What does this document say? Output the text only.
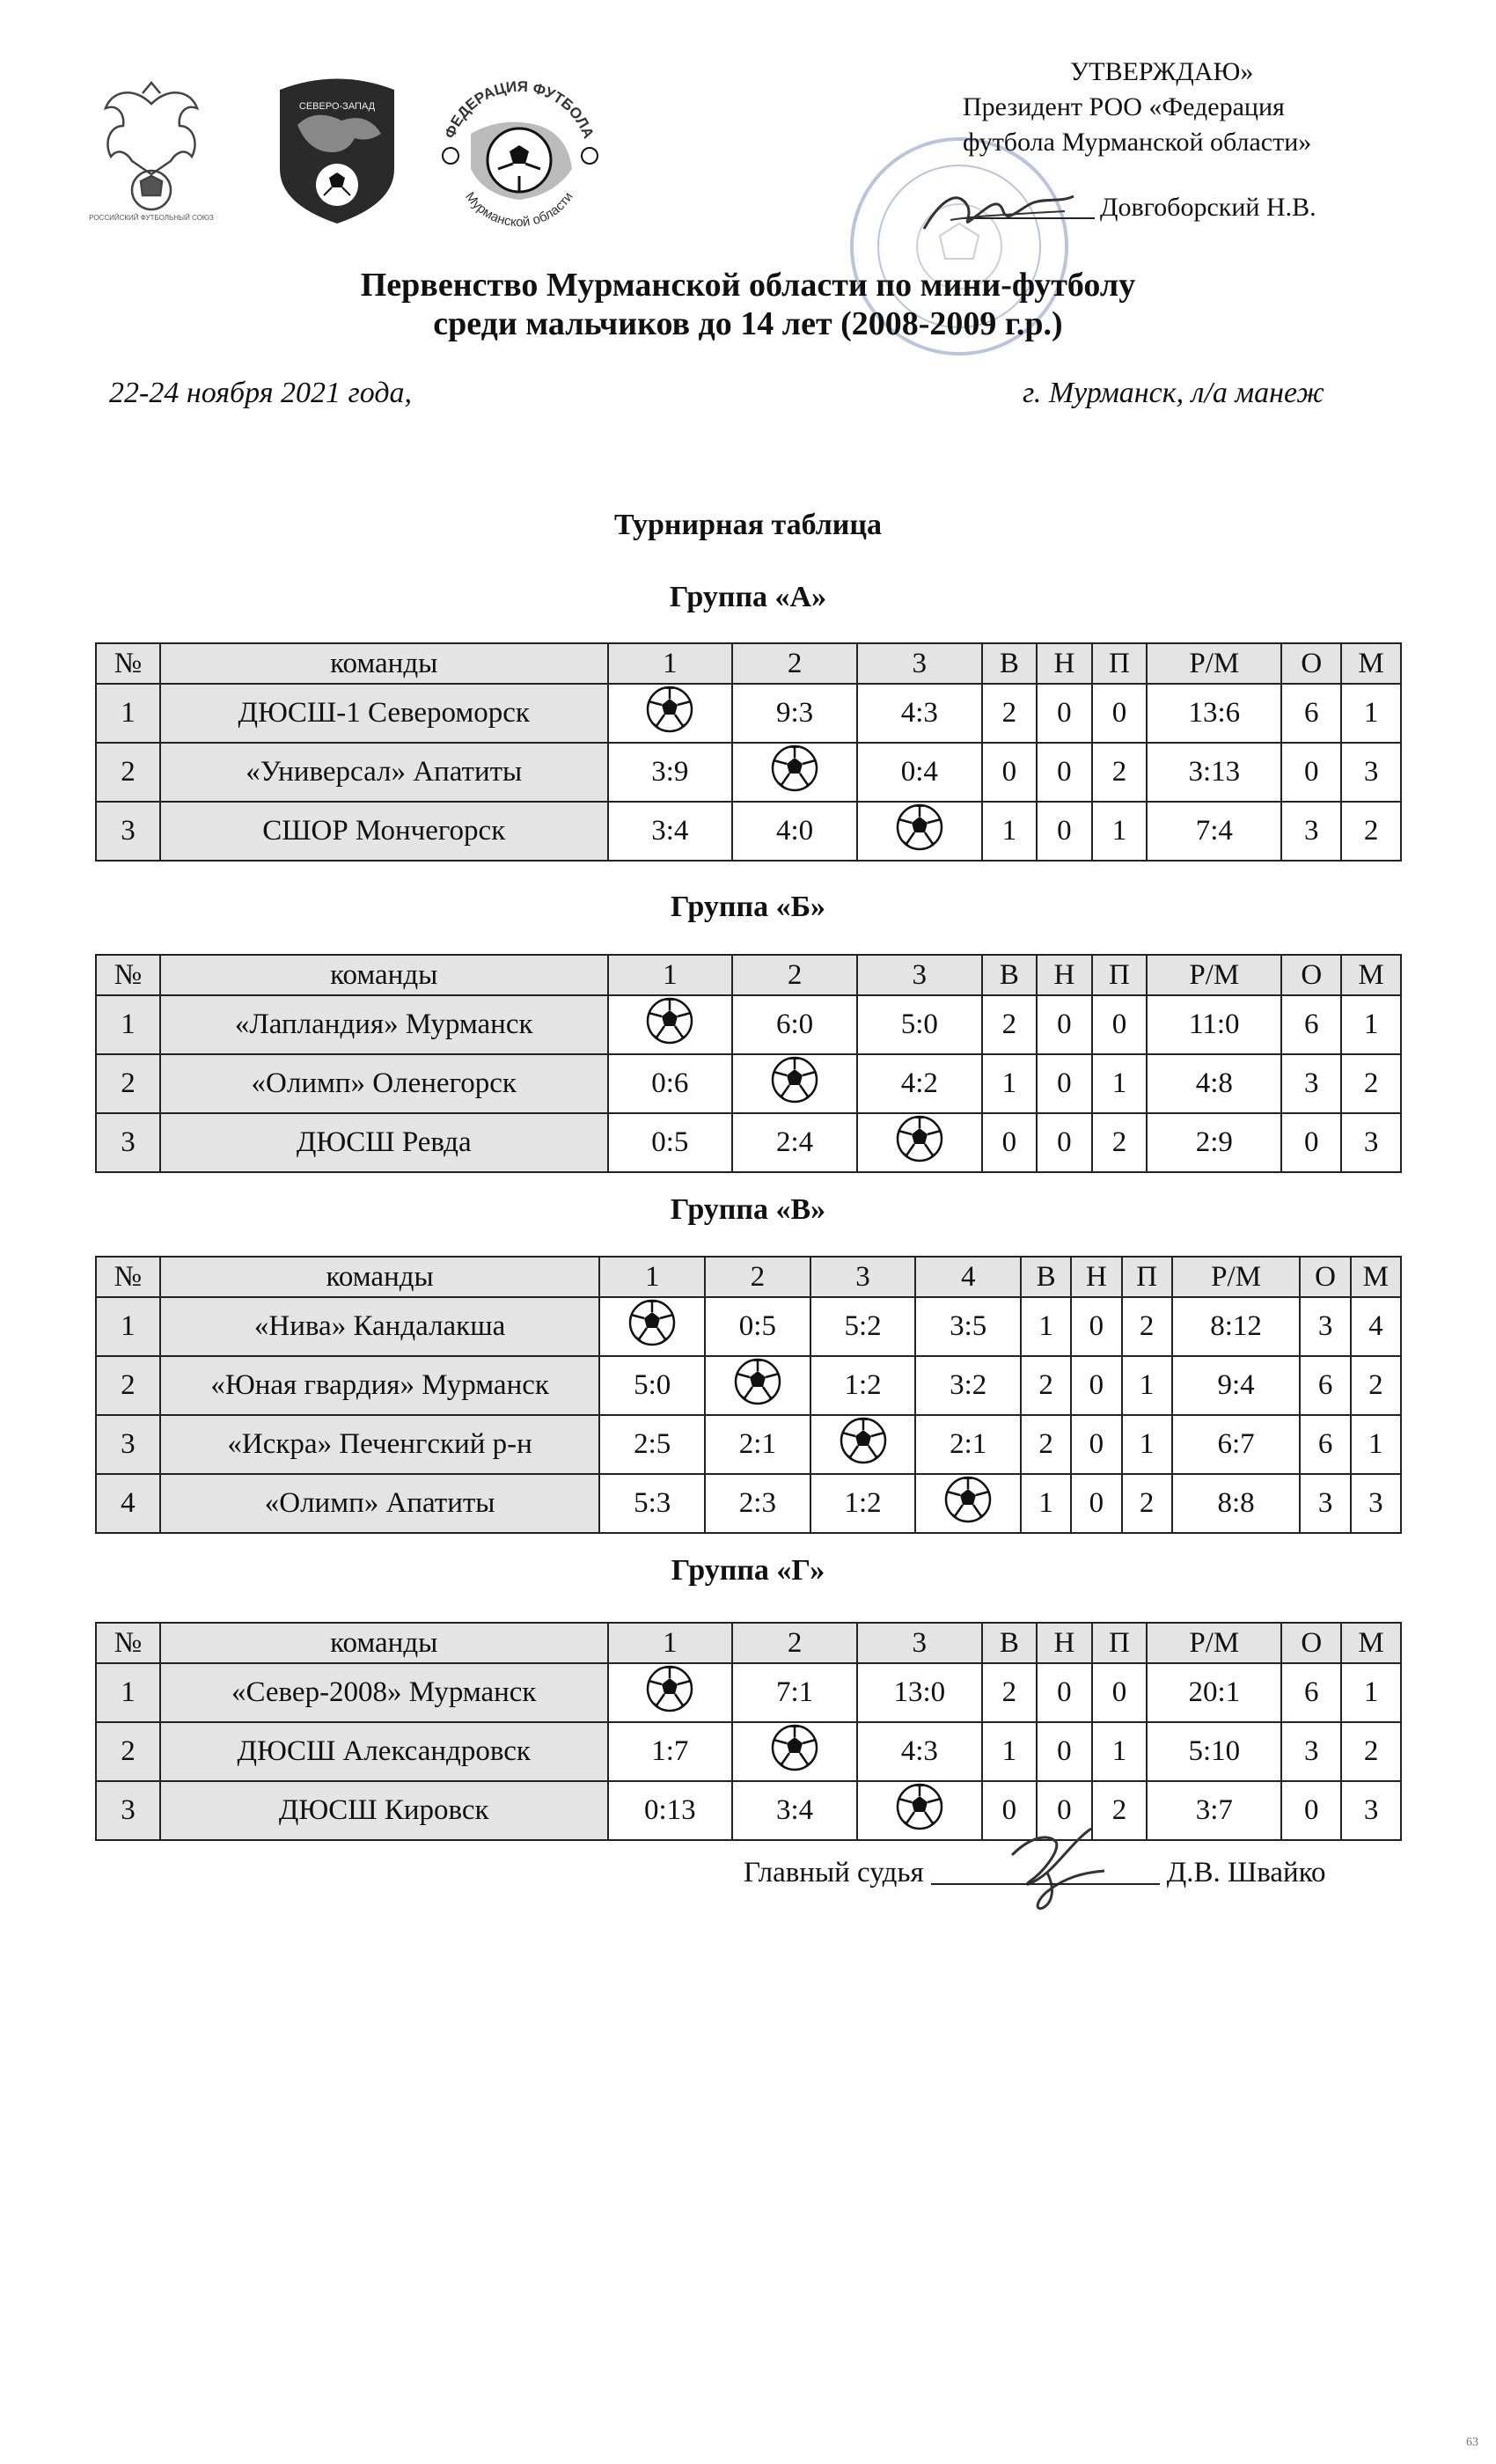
РОССИЙСКИЙ ФУТБОЛЬНЫЙ СОЮЗ
СЕВЕРО-ЗАПАД
ФЕДЕРАЦИЯ ФУТБОЛА
Мурманской области
УТВЕРЖДАЮ»
Президент РОО «Федерация
футбола Мурманской области»
Довгоборский Н.В.
Первенство Мурманской области по мини-футболу
среди мальчиков до 14 лет (2008-2009 г.р.)
22-24 ноября 2021 года,	г. Мурманск, л/а манеж
Турнирная таблица
Группа «А»
№	команды	1	2	3	В	Н	П	Р/М	О	М
1	ДЮСШ-1 Североморск		9:3	4:3	2	0	0	13:6	6	1
2	«Универсал» Апатиты	3:9		0:4	0	0	2	3:13	0	3
3	СШОР Мончегорск	3:4	4:0		1	0	1	7:4	3	2
Группа «Б»
№	команды	1	2	3	В	Н	П	Р/М	О	М
1	«Лапландия» Мурманск		6:0	5:0	2	0	0	11:0	6	1
2	«Олимп» Оленегорск	0:6		4:2	1	0	1	4:8	3	2
3	ДЮСШ Ревда	0:5	2:4		0	0	2	2:9	0	3
Группа «В»
№	команды	1	2	3	4	В	Н	П	Р/М	О	М
1	«Нива» Кандалакша		0:5	5:2	3:5	1	0	2	8:12	3	4
2	«Юная гвардия» Мурманск	5:0		1:2	3:2	2	0	1	9:4	6	2
3	«Искра» Печенгский р-н	2:5	2:1		2:1	2	0	1	6:7	6	1
4	«Олимп» Апатиты	5:3	2:3	1:2		1	0	2	8:8	3	3
Группа «Г»
№	команды	1	2	3	В	Н	П	Р/М	О	М
1	«Север-2008» Мурманск		7:1	13:0	2	0	0	20:1	6	1
2	ДЮСШ Александровск	1:7		4:3	1	0	1	5:10	3	2
3	ДЮСШ Кировск	0:13	3:4		0	0	2	3:7	0	3
Главный судья	Д.В. Швайко
63
